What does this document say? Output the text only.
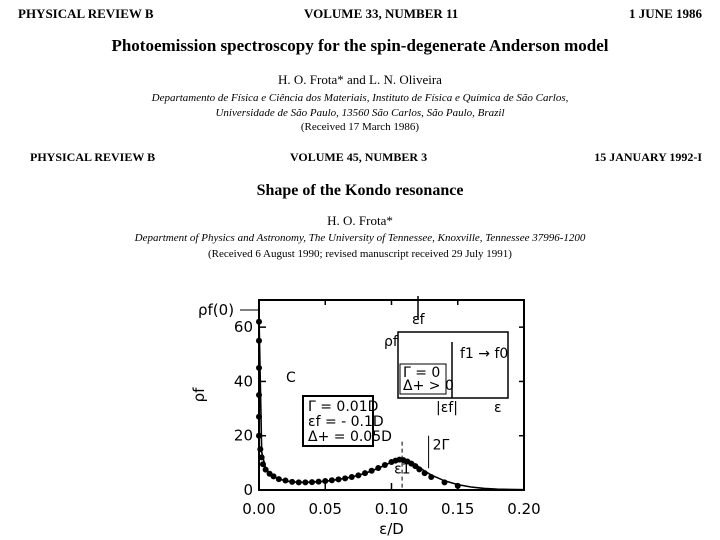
PHYSICAL REVIEW B	VOLUME 33, NUMBER 11	1 JUNE 1986
Photoemission spectroscopy for the spin-degenerate Anderson model
H. O. Frota* and L. N. Oliveira
Departamento de Física e Ciência dos Materiais, Instituto de Física e Química de São Carlos,
Universidade de São Paulo, 13560 São Carlos, São Paulo, Brazil
(Received 17 March 1986)
PHYSICAL REVIEW B	VOLUME 45, NUMBER 3	15 JANUARY 1992-I
Shape of the Kondo resonance
H. O. Frota*
Department of Physics and Astronomy, The University of Tennessee, Knoxville, Tennessee 37996-1200
(Received 6 August 1990; revised manuscript received 29 July 1991)
0.00 0.05 0.10 0.15 0.20
0
20
40
60
ε/D
ρf
ρf(0)
C
Γ = 0.01D
εf = - 0.1D
Δ+ = 0.05D
ε1
2Γ
εf
ρf
f1 → f0
Γ = 0
Δ+ > 0
|εf|	ε
